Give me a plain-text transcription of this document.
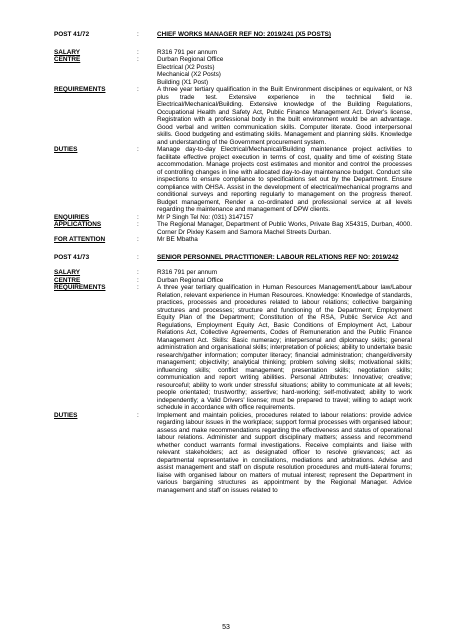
POST 41/72	:	CHIEF WORKS MANAGER REF NO: 2019/241 (X5 POSTS)
SALARY	:	R316 791 per annum
CENTRE	:	Durban Regional Office
Electrical (X2 Posts)
Mechanical (X2 Posts)
Building (X1 Post)
REQUIREMENTS	:	A three year tertiary qualification in the Built Environment disciplines or equivalent, or N3 plus trade test. Extensive experience in the technical field ie. Electrical/Mechanical/Building. Extensive knowledge of the Building Regulations, Occupational Health and Safety Act, Public Finance Management Act. Driver's license, Registration with a professional body in the built environment would be an advantage. Good verbal and written communication skills. Computer literate. Good interpersonal skills. Good budgeting and estimating skills. Management and planning skills. Knowledge and understanding of the Government procurement system.
DUTIES	:	Manage day-to-day Electrical/Mechanical/Building maintenance project activities to facilitate effective project execution in terms of cost, quality and time of existing State accommodation. Manage projects cost estimates and monitor and control the processes of controlling changes in line with allocated day-to-day maintenance budget. Conduct site inspections to ensure compliance to specifications set out by the Department. Ensure compliance with OHSA. Assist in the development of electrical/mechanical programs and conditional surveys and reporting regularly to management on the progress thereof. Budget management, Render a co-ordinated and professional service at all levels regarding the maintenance and management of DPW clients.
ENQUIRIES	:	Mr P Singh Tel No: (031) 3147157
APPLICATIONS	:	The Regional Manager, Department of Public Works, Private Bag X54315, Durban, 4000. Corner Dr Pixley Kasem and Samora Machel Streets Durban.
FOR ATTENTION	:	Mr BE Mbatha
POST 41/73	:	SENIOR PERSONNEL PRACTITIONER: LABOUR RELATIONS REF NO: 2019/242
SALARY	:	R316 791 per annum
CENTRE	:	Durban Regional Office
REQUIREMENTS	:	A three year tertiary qualification in Human Resources Management/Labour law/Labour Relation, relevant experience in Human Resources. Knowledge: Knowledge of standards, practices, processes and procedures related to labour relations; collective bargaining structures and processes; structure and functioning of the Department; Employment Equity Plan of the Department; Constitution of the RSA, Public Service Act and Regulations, Employment Equity Act, Basic Conditions of Employment Act, Labour Relations Act, Collective Agreements, Codes of Remuneration and the Public Finance Management Act. Skills: Basic numeracy; interpersonal and diplomacy skills; general administration and organisational skills; interpretation of policies; ability to undertake basic research/gather information; computer literacy; financial administration; change/diversity management; objectivity; analytical thinking; problem solving skills; motivational skills; influencing skills; conflict management; presentation skills; negotiation skills; communication and report writing abilities. Personal Attributes: Innovative; creative; resourceful; ability to work under stressful situations; ability to communicate at all levels; people orientated; trustworthy; assertive; hard-working; self-motivated; ability to work independently; a Valid Drivers' license; must be prepared to travel; willing to adapt work schedule in accordance with office requirements.
DUTIES	:	Implement and maintain policies, procedures related to labour relations: provide advice regarding labour issues in the workplace; support formal processes with organised labour; assess and make recommendations regarding the effectiveness and status of operational labour relations. Administer and support disciplinary matters; assess and recommend whether conduct warrants formal investigations. Receive complaints and liaise with relevant stakeholders; act as designated officer to resolve grievances; act as departmental representative in conciliations, mediations and arbitrations. Advise and assist management and staff on dispute resolution procedures and multi-lateral forums; liaise with organised labour on matters of mutual interest; represent the Department in various bargaining structures as appointment by the Regional Manager. Advice management and staff on issues related to
53
